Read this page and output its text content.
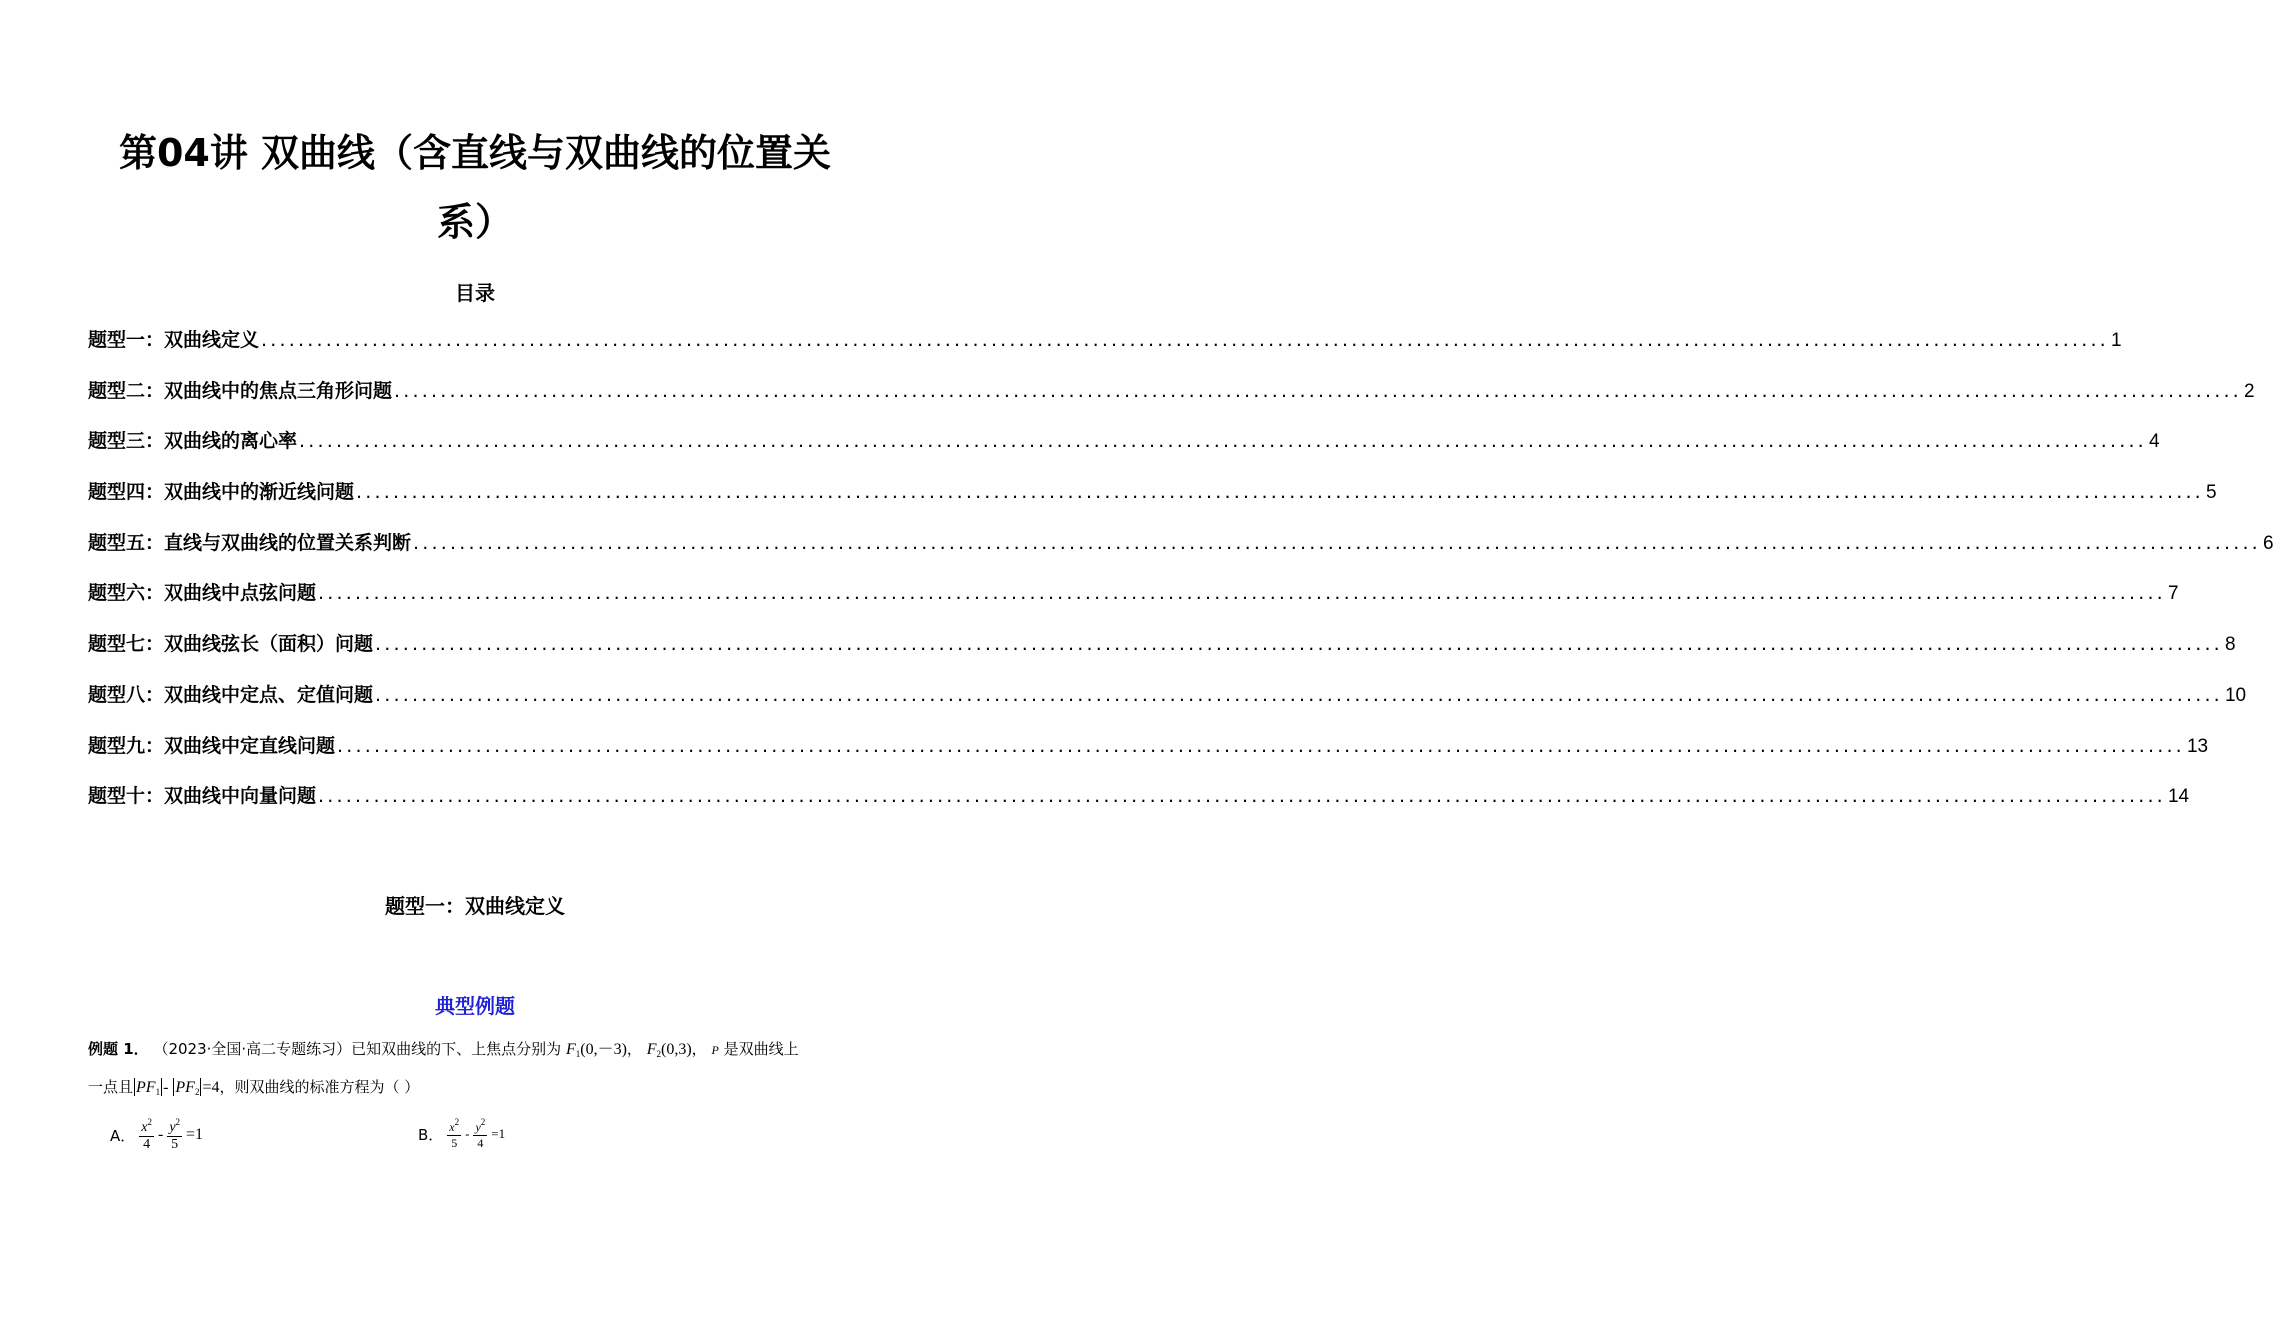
第04讲 双曲线（含直线与双曲线的位置关
系）
目录
题型一：双曲线定义 ........................................................................................................................................................................................................ 1
题型二：双曲线中的焦点三角形问题 ........................................................................................................................................................................................................ 2
题型三：双曲线的离心率 ........................................................................................................................................................................................................ 4
题型四：双曲线中的渐近线问题 ........................................................................................................................................................................................................ 5
题型五：直线与双曲线的位置关系判断 ........................................................................................................................................................................................................ 6
题型六：双曲线中点弦问题 ........................................................................................................................................................................................................ 7
题型七：双曲线弦长（面积）问题 ........................................................................................................................................................................................................ 8
题型八：双曲线中定点、定值问题 ........................................................................................................................................................................................................ 10
题型九：双曲线中定直线问题 ........................................................................................................................................................................................................ 13
题型十：双曲线中向量问题 ........................................................................................................................................................................................................ 14
题型一：双曲线定义
典型例题
例题 1． （2023·全国·高二专题练习）已知双曲线的下、上焦点分别为 $F_1(0,-3)$， $F_2(0,3)$， P 是双曲线上
一点且 $PF_1 - PF_2 =4$，则双曲线的标准方程为（ ）
A． $\frac{x^2}{4} - \frac{y^2}{5} =1$	B． $\frac{x^2}{5} - \frac{y^2}{4} =1$
